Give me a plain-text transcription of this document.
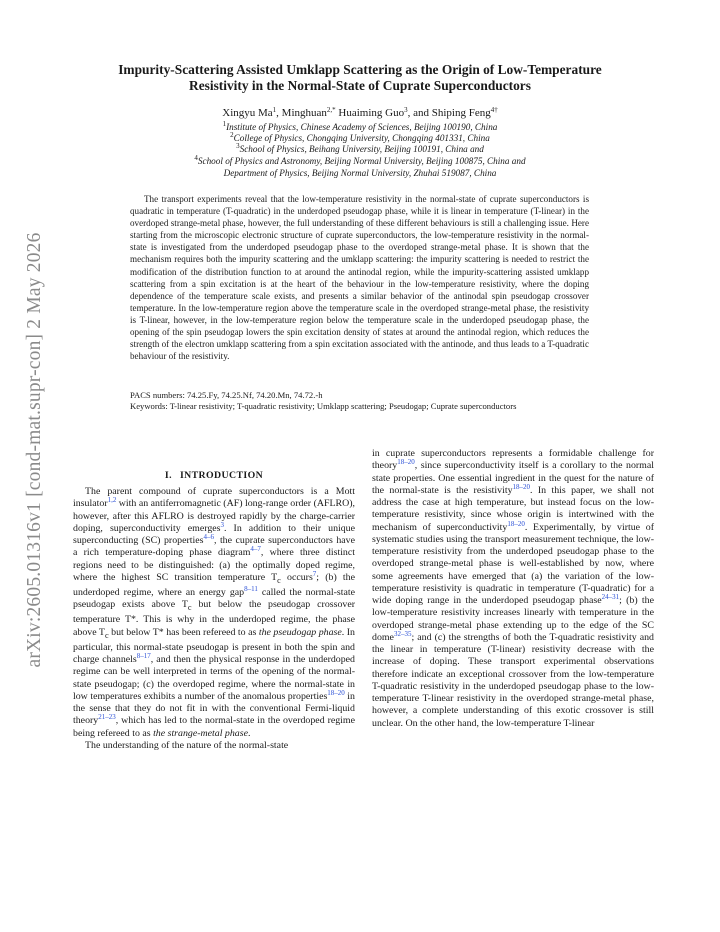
arXiv:2605.01316v1 [cond-mat.supr-con] 2 May 2026
Impurity-Scattering Assisted Umklapp Scattering as the Origin of Low-Temperature
Resistivity in the Normal-State of Cuprate Superconductors
Xingyu Ma$^1$, Minghuan$^{2,*}$ Huaiming Guo$^3$, and Shiping Feng$^{4\dagger}$
$^1$Institute of Physics, Chinese Academy of Sciences, Beijing 100190, China
$^2$College of Physics, Chongqing University, Chongqing 401331, China
$^3$School of Physics, Beihang University, Beijing 100191, China and
$^4$School of Physics and Astronomy, Beijing Normal University, Beijing 100875, China and
Department of Physics, Beijing Normal University, Zhuhai 519087, China

The transport experiments reveal that the low-temperature resistivity in the normal-state of cuprate superconductors is quadratic in temperature (T-quadratic) in the underdoped pseudogap phase, while it is linear in temperature (T-linear) in the overdoped strange-metal phase, however, the full understanding of these different behaviours is still a challenging issue. Here starting from the microscopic electronic structure of cuprate superconductors, the low-temperature resistivity in the normal-state is investigated from the underdoped pseudogap phase to the overdoped strange-metal phase. It is shown that the mechanism requires both the impurity scattering and the umklapp scattering: the impurity scattering is needed to restrict the modification of the distribution function to at around the antinodal region, while the impurity-scattering assisted umklapp scattering from a spin excitation is at the heart of the behaviour in the low-temperature resistivity, where the doping dependence of the temperature scale exists, and presents a similar behavior of the antinodal spin pseudogap crossover temperature. In the low-temperature region above the temperature scale in the overdoped strange-metal phase, the resistivity is T-linear, however, in the low-temperature region below the temperature scale in the underdoped pseudogap phase, the opening of the spin pseudogap lowers the spin excitation density of states at around the antinodal region, which reduces the strength of the electron umklapp scattering from a spin excitation associated with the antinode, and thus leads to a T-quadratic behaviour of the resistivity.

PACS numbers: 74.25.Fy, 74.25.Nf, 74.20.Mn, 74.72.-h
Keywords: T-linear resistivity; T-quadratic resistivity; Umklapp scattering; Pseudogap; Cuprate superconductors
I. INTRODUCTION

The parent compound of cuprate superconductors is a Mott insulator$^{1,2}$ with an antiferromagnetic (AF) long-range order (AFLRO), however, after this AFLRO is destroyed rapidly by the charge-carrier doping, superconductivity emerges$^3$. In addition to their unique superconducting (SC) properties$^{4-6}$, the cuprate superconductors have a rich temperature-doping phase diagram$^{4-7}$, where three distinct regions need to be distinguished: (a) the optimally doped regime, where the highest SC transition temperature $T_c$ occurs$^7$; (b) the underdoped regime, where an energy gap$^{8-11}$ called the normal-state pseudogap exists above $T_c$ but below the pseudogap crossover temperature T*. This is why in the underdoped regime, the phase above $T_c$ but below T* has been refereed to as the pseudogap phase. In particular, this normal-state pseudogap is present in both the spin and charge channels$^{8-17}$, and then the physical response in the underdoped regime can be well interpreted in terms of the opening of the normal-state pseudogap; (c) the overdoped regime, where the normal-state in low temperatures exhibits a number of the anomalous properties$^{18-20}$ in the sense that they do not fit in with the conventional Fermi-liquid theory$^{21-23}$, which has led to the normal-state in the overdoped regime being refereed to as the strange-metal phase.

The understanding of the nature of the normal-state

in cuprate superconductors represents a formidable challenge for theory$^{18-20}$, since superconductivity itself is a corollary to the normal state properties. One essential ingredient in the quest for the nature of the normal-state is the resistivity$^{18-20}$. In this paper, we shall not address the case at high temperature, but instead focus on the low-temperature resistivity, since whose origin is intertwined with the mechanism of superconductivity$^{18-20}$. Experimentally, by virtue of systematic studies using the transport measurement technique, the low-temperature resistivity from the underdoped pseudogap phase to the overdoped strange-metal phase is well-established by now, where some agreements have emerged that (a) the variation of the low-temperature resistivity is quadratic in temperature (T-quadratic) for a wide doping range in the underdoped pseudogap phase$^{24-31}$; (b) the low-temperature resistivity increases linearly with temperature in the overdoped strange-metal phase extending up to the edge of the SC dome$^{32-35}$; and (c) the strengths of both the T-quadratic resistivity and the linear in temperature (T-linear) resistivity decrease with the increase of doping. These transport experimental observations therefore indicate an exceptional crossover from the low-temperature T-quadratic resistivity in the underdoped pseudogap phase to the low-temperature T-linear resistivity in the overdoped strange-metal phase, however, a complete understanding of this exotic crossover is still unclear. On the other hand, the low-temperature T-linear
